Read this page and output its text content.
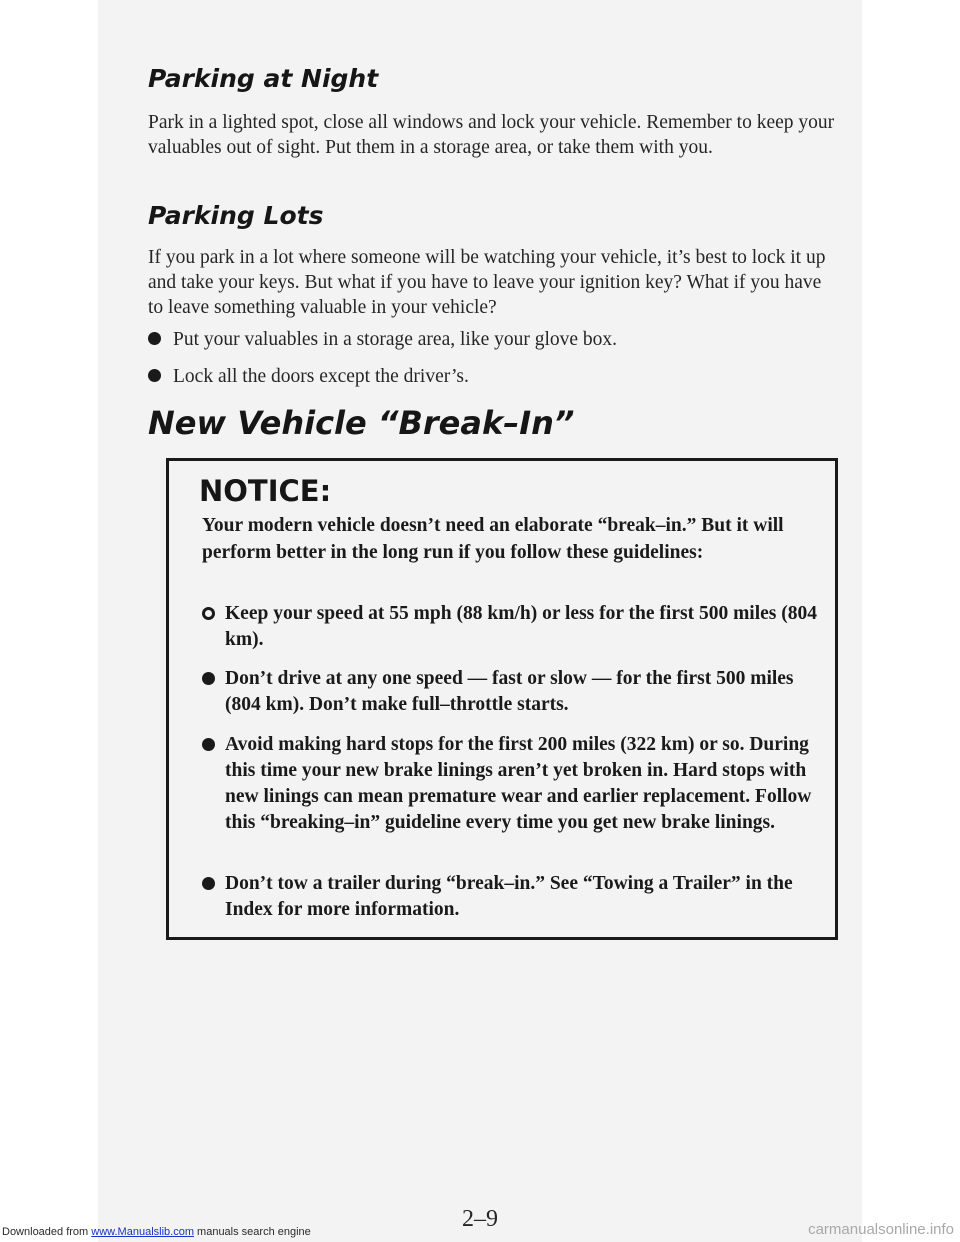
Parking at Night

Park in a lighted spot, close all windows and lock your vehicle. Remember to keep your valuables out of sight. Put them in a storage area, or take them with you.

Parking Lots

If you park in a lot where someone will be watching your vehicle, it’s best to lock it up and take your keys. But what if you have to leave your ignition key? What if you have to leave something valuable in your vehicle?

Put your valuables in a storage area, like your glove box.
Lock all the doors except the driver’s.
New Vehicle “Break–In”
NOTICE:
Your modern vehicle doesn’t need an elaborate “break–in.” But it will perform better in the long run if you follow these guidelines:
Keep your speed at 55 mph (88 km/h) or less for the first 500 miles (804 km).
Don’t drive at any one speed — fast or slow — for the first 500 miles (804 km). Don’t make full–throttle starts.
Avoid making hard stops for the first 200 miles (322 km) or so. During this time your new brake linings aren’t yet broken in. Hard stops with new linings can mean premature wear and earlier replacement. Follow this “breaking–in” guideline every time you get new brake linings.
Don’t tow a trailer during “break–in.” See “Towing a Trailer” in the Index for more information.
2–9
Downloaded from www.Manualslib.com manuals search engine	carmanualsonline.info
